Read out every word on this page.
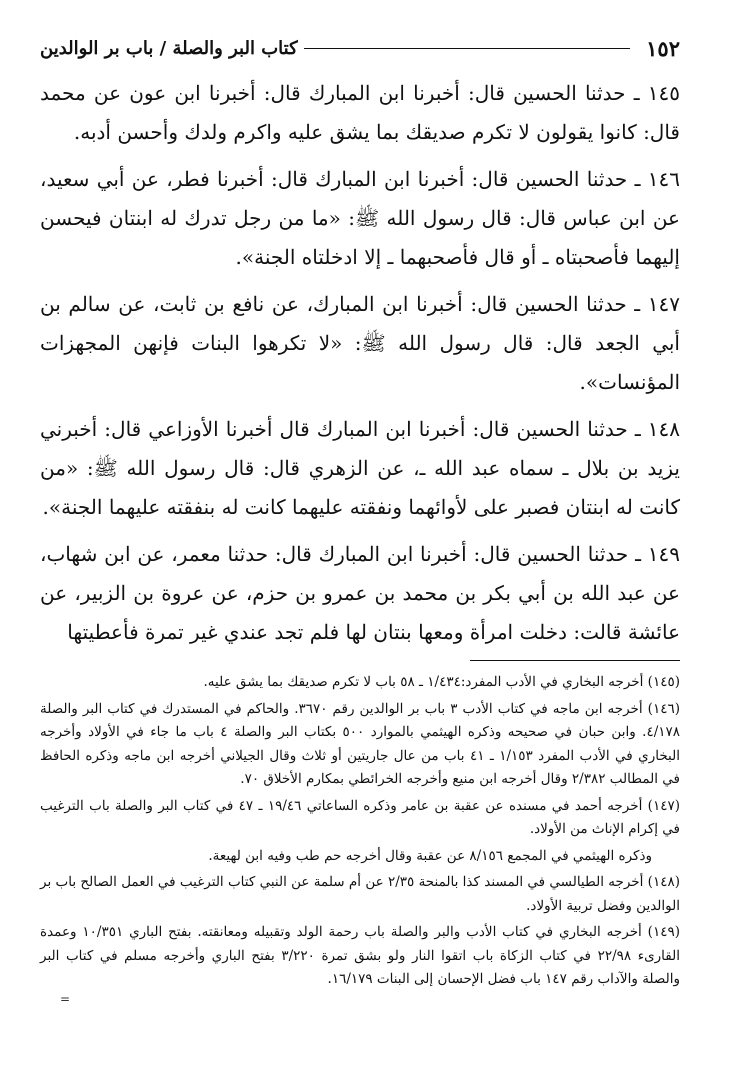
١٥٢
كتاب البر والصلة / باب بر الوالدين

١٤٥ ـ حدثنا الحسين قال: أخبرنا ابن المبارك قال: أخبرنا ابن عون عن محمد قال: كانوا يقولون لا تكرم صديقك بما يشق عليه واكرم ولدك وأحسن أدبه.

١٤٦ ـ حدثنا الحسين قال: أخبرنا ابن المبارك قال: أخبرنا فطر، عن أبي سعيد، عن ابن عباس قال: قال رسول الله ﷺ: «ما من رجل تدرك له ابنتان فيحسن إليهما فأصحبتاه ـ أو قال فأصحبهما ـ إلا ادخلتاه الجنة».

١٤٧ ـ حدثنا الحسين قال: أخبرنا ابن المبارك، عن نافع بن ثابت، عن سالم بن أبي الجعد قال: قال رسول الله ﷺ: «لا تكرهوا البنات فإنهن المجهزات المؤنسات».

١٤٨ ـ حدثنا الحسين قال: أخبرنا ابن المبارك قال أخبرنا الأوزاعي قال: أخبرني يزيد بن بلال ـ سماه عبد الله ـ، عن الزهري قال: قال رسول الله ﷺ: «من كانت له ابنتان فصبر على لأوائهما ونفقته عليهما كانت له بنفقته عليهما الجنة».

١٤٩ ـ حدثنا الحسين قال: أخبرنا ابن المبارك قال: حدثنا معمر، عن ابن شهاب، عن عبد الله بن أبي بكر بن محمد بن عمرو بن حزم، عن عروة بن الزبير، عن عائشة قالت: دخلت امرأة ومعها بنتان لها فلم تجد عندي غير تمرة فأعطيتها

(١٤٥) أخرجه البخاري في الأدب المفرد:١/٤٣٤ ـ ٥٨ باب لا تكرم صديقك بما يشق عليه.

(١٤٦) أخرجه ابن ماجه في كتاب الأدب ٣ باب بر الوالدين رقم ٣٦٧٠. والحاكم في المستدرك في كتاب البر والصلة ٤/١٧٨. وابن حبان في صحيحه وذكره الهيثمي بالموارد ٥٠٠ بكتاب البر والصلة ٤ باب ما جاء في الأولاد وأخرجه البخاري في الأدب المفرد ١/١٥٣ ـ ٤١ باب من عال جاريتين أو ثلاث وقال الجيلاني أخرجه ابن ماجه وذكره الحافظ في المطالب ٢/٣٨٢ وقال أخرجه ابن منيع وأخرجه الخرائطي بمكارم الأخلاق ٧٠.

(١٤٧) أخرجه أحمد في مسنده عن عقبة بن عامر وذكره الساعاتي ١٩/٤٦ ـ ٤٧ في كتاب البر والصلة باب الترغيب في إكرام الإناث من الأولاد.

وذكره الهيثمي في المجمع ٨/١٥٦ عن عقبة وقال أخرجه حم طب وفيه ابن لهيعة.

(١٤٨) أخرجه الطيالسي في المسند كذا بالمنحة ٢/٣٥ عن أم سلمة عن النبي كتاب الترغيب في العمل الصالح باب بر الوالدين وفضل تربية الأولاد.

(١٤٩) أخرجه البخاري في كتاب الأدب والبر والصلة باب رحمة الولد وتقبيله ومعانقته. بفتح الباري ١٠/٣٥١ وعمدة القارىء ٢٢/٩٨ في كتاب الزكاة باب اتقوا النار ولو بشق تمرة ٣/٢٢٠ بفتح الباري وأخرجه مسلم في كتاب البر والصلة والآداب رقم ١٤٧ باب فضل الإحسان إلى البنات ١٦/١٧٩.

=
